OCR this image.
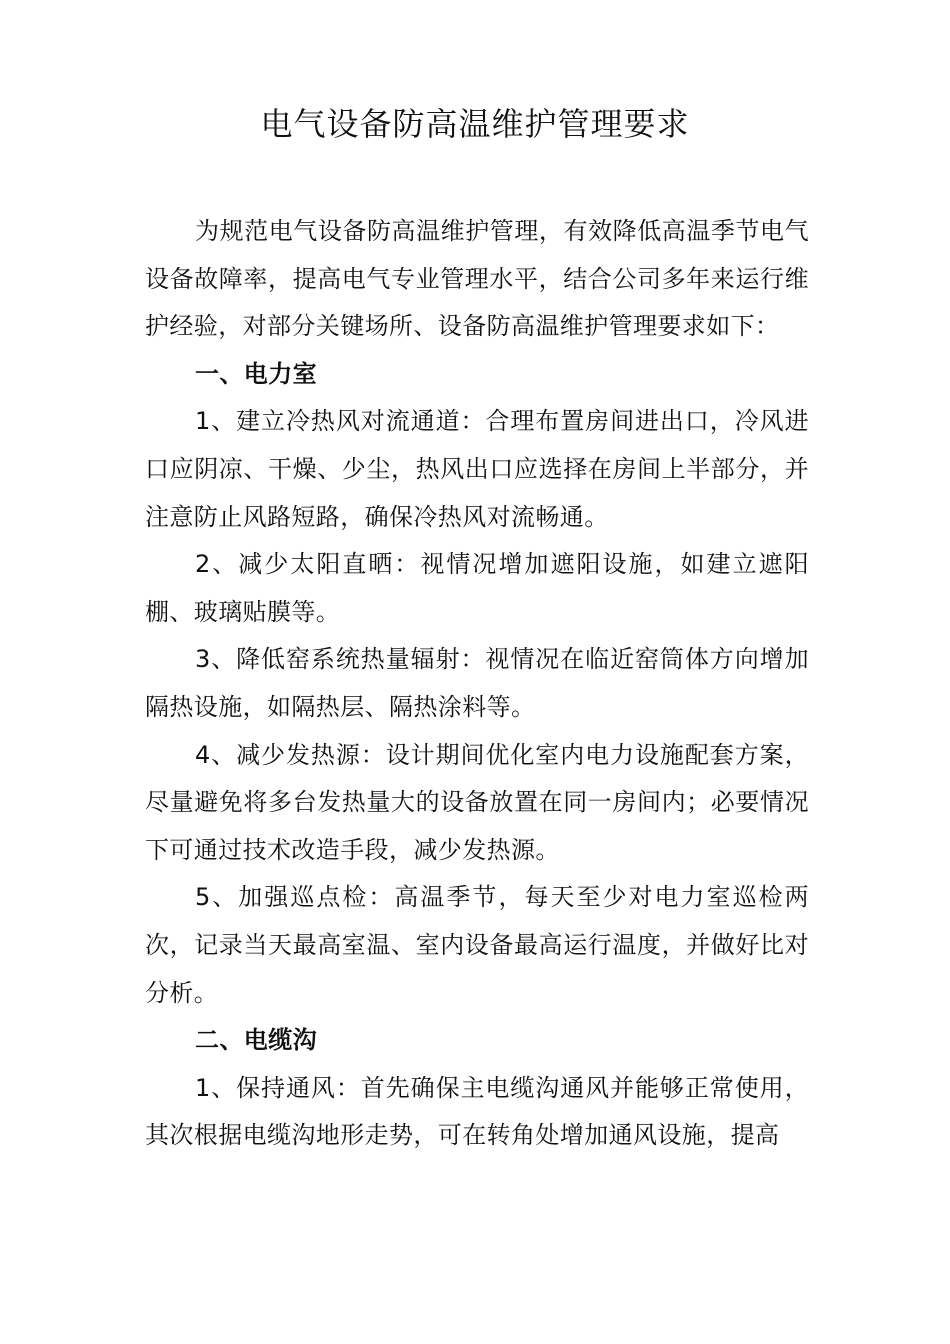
电气设备防高温维护管理要求

为规范电气设备防高温维护管理，有效降低高温季节电气设备故障率，提高电气专业管理水平，结合公司多年来运行维护经验，对部分关键场所、设备防高温维护管理要求如下：

一、电力室

1、建立冷热风对流通道：合理布置房间进出口，冷风进口应阴凉、干燥、少尘，热风出口应选择在房间上半部分，并注意防止风路短路，确保冷热风对流畅通。

2、减少太阳直晒：视情况增加遮阳设施，如建立遮阳棚、玻璃贴膜等。

3、降低窑系统热量辐射：视情况在临近窑筒体方向增加隔热设施，如隔热层、隔热涂料等。

4、减少发热源：设计期间优化室内电力设施配套方案，尽量避免将多台发热量大的设备放置在同一房间内；必要情况下可通过技术改造手段，减少发热源。

5、加强巡点检：高温季节，每天至少对电力室巡检两次，记录当天最高室温、室内设备最高运行温度，并做好比对分析。

二、电缆沟

1、保持通风：首先确保主电缆沟通风并能够正常使用，其次根据电缆沟地形走势，可在转角处增加通风设施，提高
